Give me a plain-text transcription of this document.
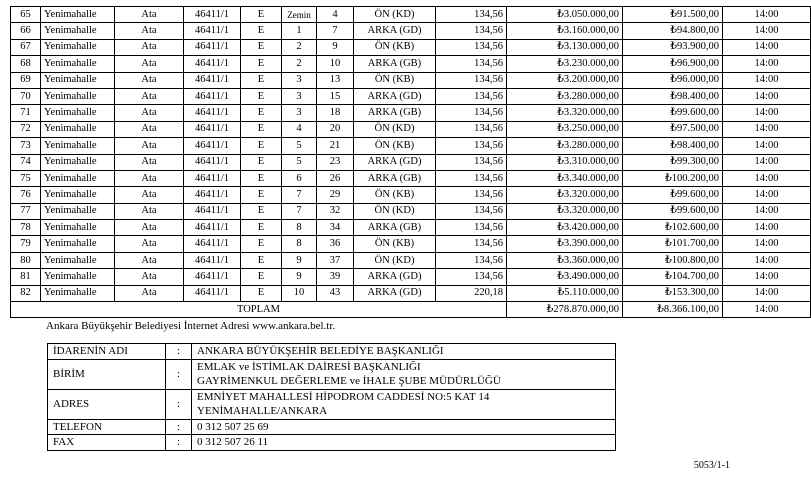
65	Yenimahalle	Ata	46411/1	E	Zemin	4	ÖN (KD)	134,56	₺3.050.000,00	₺91.500,00	14:00
66	Yenimahalle	Ata	46411/1	E	1	7	ARKA (GD)	134,56	₺3.160.000,00	₺94.800,00	14:00
67	Yenimahalle	Ata	46411/1	E	2	9	ÖN (KB)	134,56	₺3.130.000,00	₺93.900,00	14:00
68	Yenimahalle	Ata	46411/1	E	2	10	ARKA (GB)	134,56	₺3.230.000,00	₺96.900,00	14:00
69	Yenimahalle	Ata	46411/1	E	3	13	ÖN (KB)	134,56	₺3.200.000,00	₺96.000,00	14:00
70	Yenimahalle	Ata	46411/1	E	3	15	ARKA (GD)	134,56	₺3.280.000,00	₺98.400,00	14:00
71	Yenimahalle	Ata	46411/1	E	3	18	ARKA (GB)	134,56	₺3.320.000,00	₺99.600,00	14:00
72	Yenimahalle	Ata	46411/1	E	4	20	ÖN (KD)	134,56	₺3.250.000,00	₺97.500,00	14:00
73	Yenimahalle	Ata	46411/1	E	5	21	ÖN (KB)	134,56	₺3.280.000,00	₺98.400,00	14:00
74	Yenimahalle	Ata	46411/1	E	5	23	ARKA (GD)	134,56	₺3.310.000,00	₺99.300,00	14:00
75	Yenimahalle	Ata	46411/1	E	6	26	ARKA (GB)	134,56	₺3.340.000,00	₺100.200,00	14:00
76	Yenimahalle	Ata	46411/1	E	7	29	ÖN (KB)	134,56	₺3.320.000,00	₺99.600,00	14:00
77	Yenimahalle	Ata	46411/1	E	7	32	ÖN (KD)	134,56	₺3.320.000,00	₺99.600,00	14:00
78	Yenimahalle	Ata	46411/1	E	8	34	ARKA (GB)	134,56	₺3.420.000,00	₺102.600,00	14:00
79	Yenimahalle	Ata	46411/1	E	8	36	ÖN (KB)	134,56	₺3.390.000,00	₺101.700,00	14:00
80	Yenimahalle	Ata	46411/1	E	9	37	ÖN (KD)	134,56	₺3.360.000,00	₺100.800,00	14:00
81	Yenimahalle	Ata	46411/1	E	9	39	ARKA (GD)	134,56	₺3.490.000,00	₺104.700,00	14:00
82	Yenimahalle	Ata	46411/1	E	10	43	ARKA (GD)	220,18	₺5.110.000,00	₺153.300,00	14:00
TOPLAM									₺278.870.000,00	₺8.366.100,00	14:00
Ankara Büyükşehir Belediyesi İnternet Adresi www.ankara.bel.tr.
İDARENİN ADI	:	ANKARA BÜYÜKŞEHİR BELEDİYE BAŞKANLIĞI

BİRİM	:	EMLAK ve İSTİMLAK DAİRESİ BAŞKANLIĞI
GAYRİMENKUL DEĞERLEME ve İHALE ŞUBE MÜDÜRLÜĞÜ

ADRES	:	EMNİYET MAHALLESİ HİPODROM CADDESİ NO:5 KAT 14
YENİMAHALLE/ANKARA

TELEFON	:	0 312 507 25 69

FAX	:	0 312 507 26 11
5053/1-1
